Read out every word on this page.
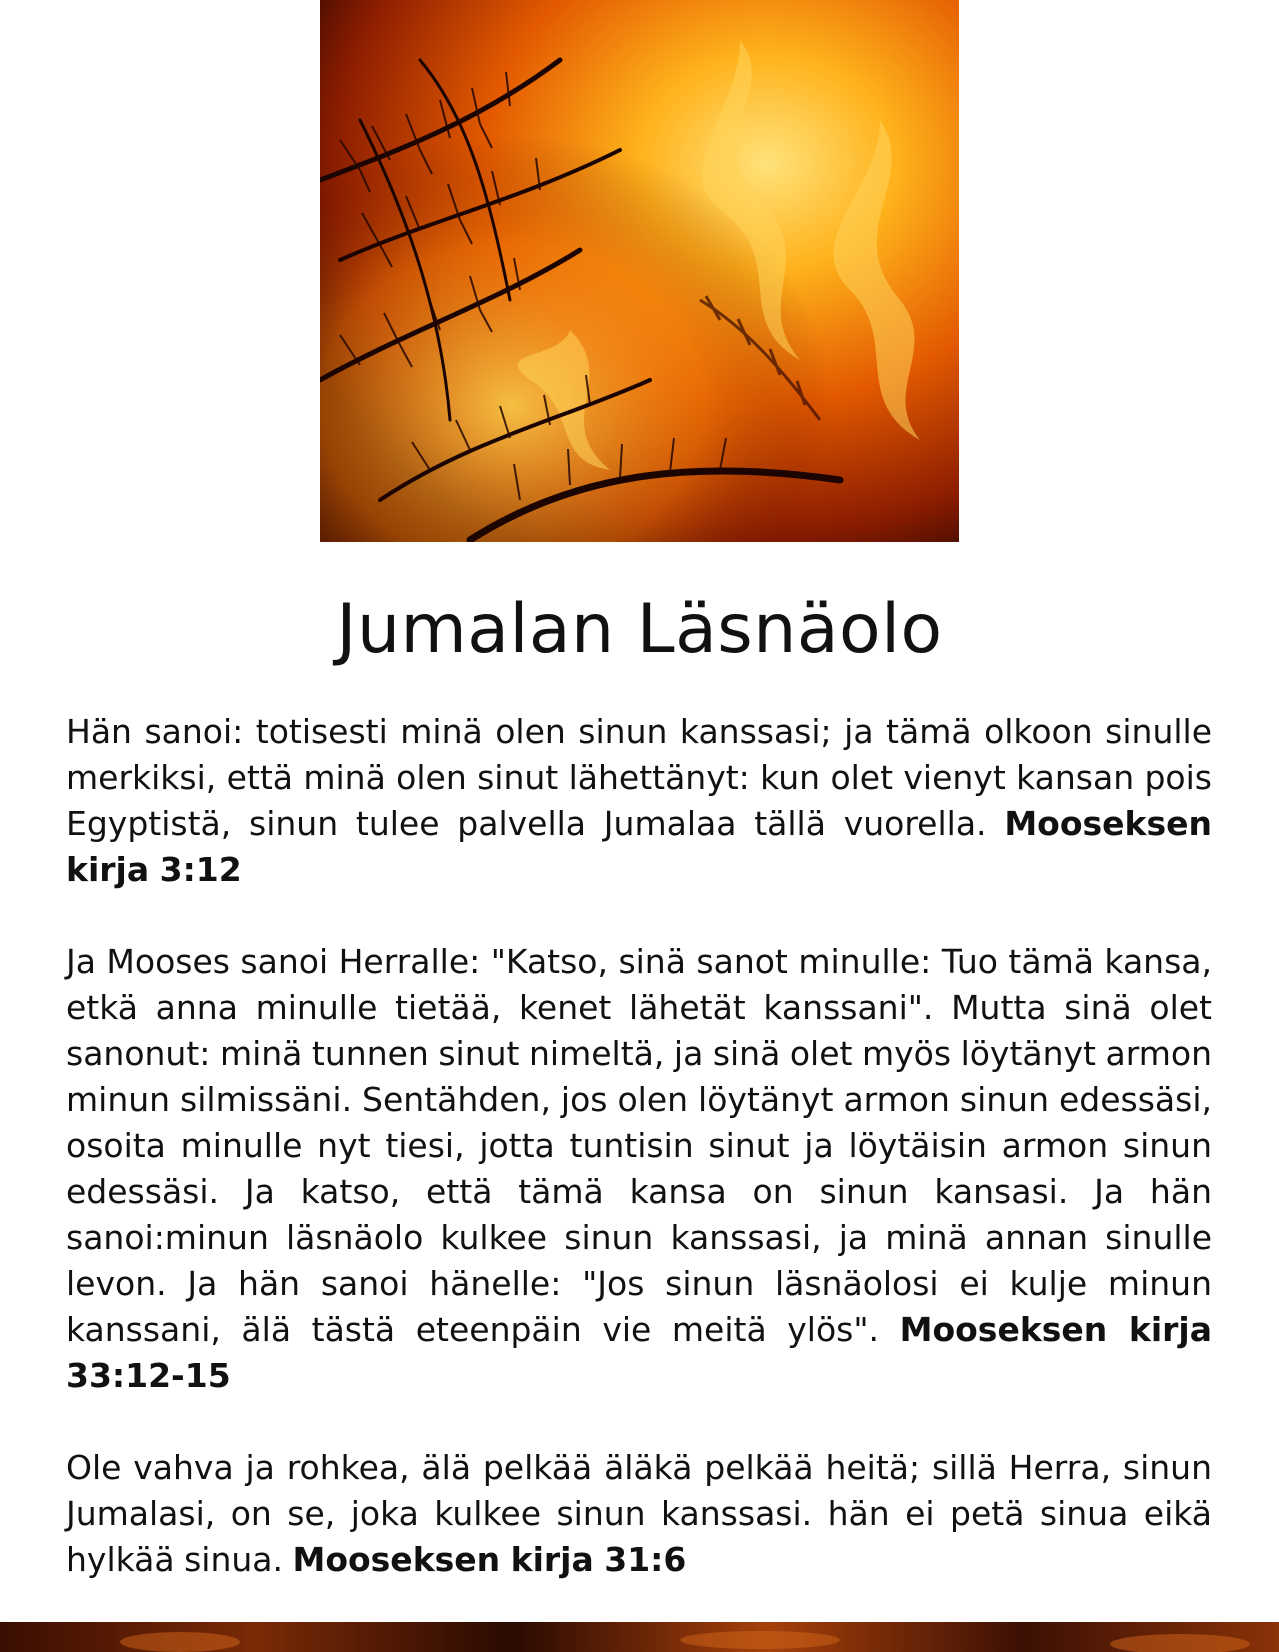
Jumalan Läsnäolo

Hän sanoi: totisesti minä olen sinun kanssasi; ja tämä olkoon sinulle merkiksi, että minä olen sinut lähettänyt: kun olet vienyt kansan pois Egyptistä, sinun tulee palvella Jumalaa tällä vuorella. Mooseksen kirja 3:12

Ja Mooses sanoi Herralle: "Katso, sinä sanot minulle: Tuo tämä kansa, etkä anna minulle tietää, kenet lähetät kanssani". Mutta sinä olet sanonut: minä tunnen sinut nimeltä, ja sinä olet myös löytänyt armon minun silmissäni. Sentähden, jos olen löytänyt armon sinun edessäsi, osoita minulle nyt tiesi, jotta tuntisin sinut ja löytäisin armon sinun edessäsi. Ja katso, että tämä kansa on sinun kansasi. Ja hän sanoi:minun läsnäolo kulkee sinun kanssasi, ja minä annan sinulle levon. Ja hän sanoi hänelle: "Jos sinun läsnäolosi ei kulje minun kanssani, älä tästä eteenpäin vie meitä ylös". Mooseksen kirja 33:12-15

Ole vahva ja rohkea, älä pelkää äläkä pelkää heitä; sillä Herra, sinun Jumalasi, on se, joka kulkee sinun kanssasi. hän ei petä sinua eikä hylkää sinua. Mooseksen kirja 31:6
